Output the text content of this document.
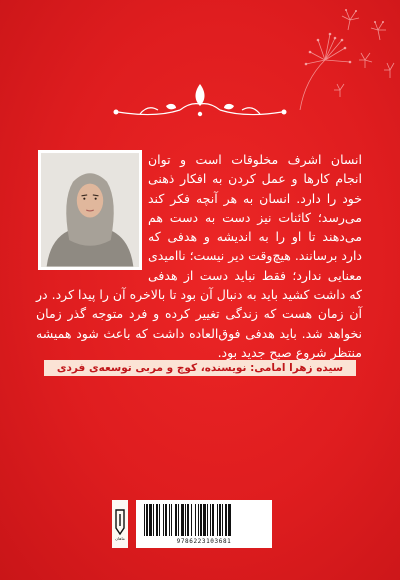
انسان اشرف مخلوقات است و توان انجام کارها و عمل کردن به افکار ذهنی خود را دارد. انسان به هر آنچه فکر کند می‌رسد؛ کائنات نیز دست به دست هم می‌دهند تا او را به اندیشه و هدفی که دارد برسانند. هیچ‌وقت دیر نیست؛ ناامیدی معنایی ندارد؛ فقط نباید دست از هدفی که داشت کشید باید به دنبال آن بود تا بالاخره آن را پیدا کرد. در آن زمان هست که زندگی تغییر کرده و فرد متوجه گذر زمان نخواهد شد. باید هدفی فوق‌العاده داشت که باعث شود همیشه منتظر شروع صبح جدید بود.
سیده زهرا امامی: نویسنده، کوچ و مربی توسعه‌ی فردی
ماهان	9786223103681
